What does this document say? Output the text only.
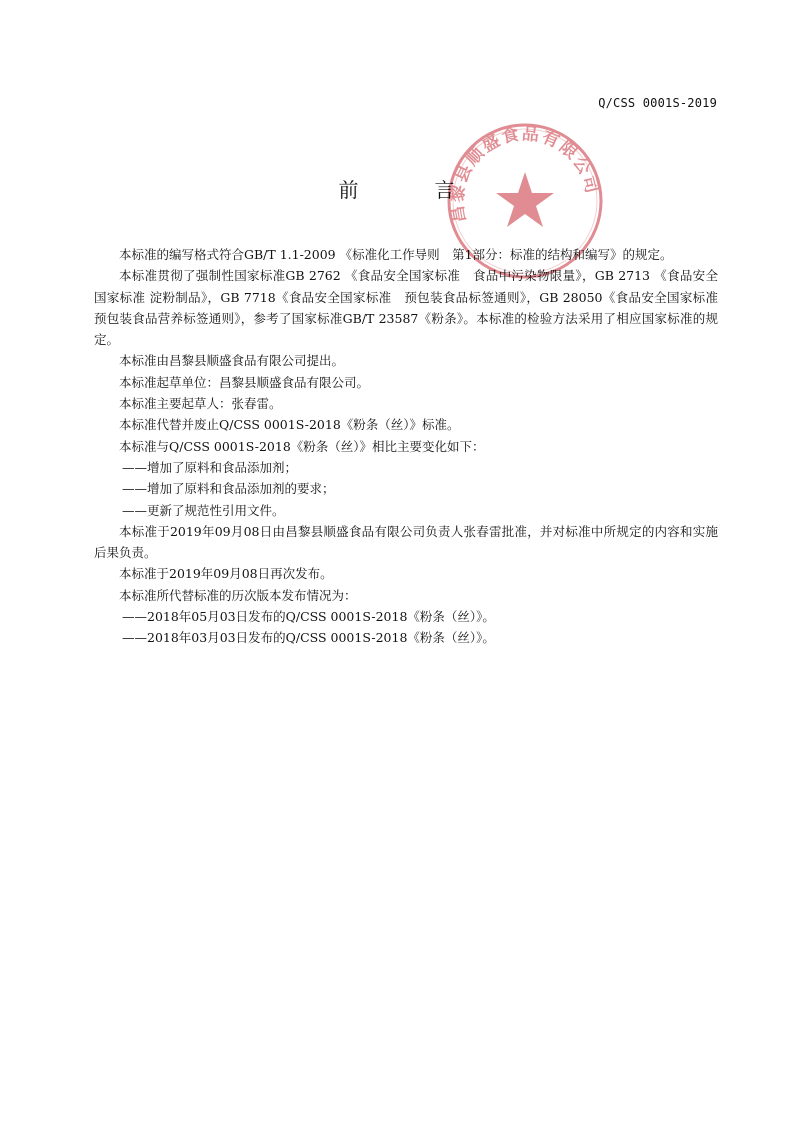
Q/CSS 0001S-2019
昌黎县顺盛食品有限公司
前	言

本标准的编写格式符合GB/T 1.1-2009 《标准化工作导则　第1部分：标准的结构和编写》的规定。

本标准贯彻了强制性国家标准GB 2762 《食品安全国家标准　食品中污染物限量》，GB 2713 《食品安全国家标准 淀粉制品》，GB 7718《食品安全国家标准　预包装食品标签通则》，GB 28050《食品安全国家标准　预包装食品营养标签通则》，参考了国家标准GB/T 23587《粉条》。本标准的检验方法采用了相应国家标准的规定。

本标准由昌黎县顺盛食品有限公司提出。

本标准起草单位：昌黎县顺盛食品有限公司。

本标准主要起草人：张春雷。

本标准代替并废止Q/CSS 0001S-2018《粉条（丝）》标准。

本标准与Q/CSS 0001S-2018《粉条（丝）》相比主要变化如下：

——增加了原料和食品添加剂；

——增加了原料和食品添加剂的要求；

——更新了规范性引用文件。

本标准于2019年09月08日由昌黎县顺盛食品有限公司负责人张春雷批准，并对标准中所规定的内容和实施后果负责。

本标准于2019年09月08日再次发布。

本标准所代替标准的历次版本发布情况为：

——2018年05月03日发布的Q/CSS 0001S-2018《粉条（丝）》。

——2018年03月03日发布的Q/CSS 0001S-2018《粉条（丝）》。
